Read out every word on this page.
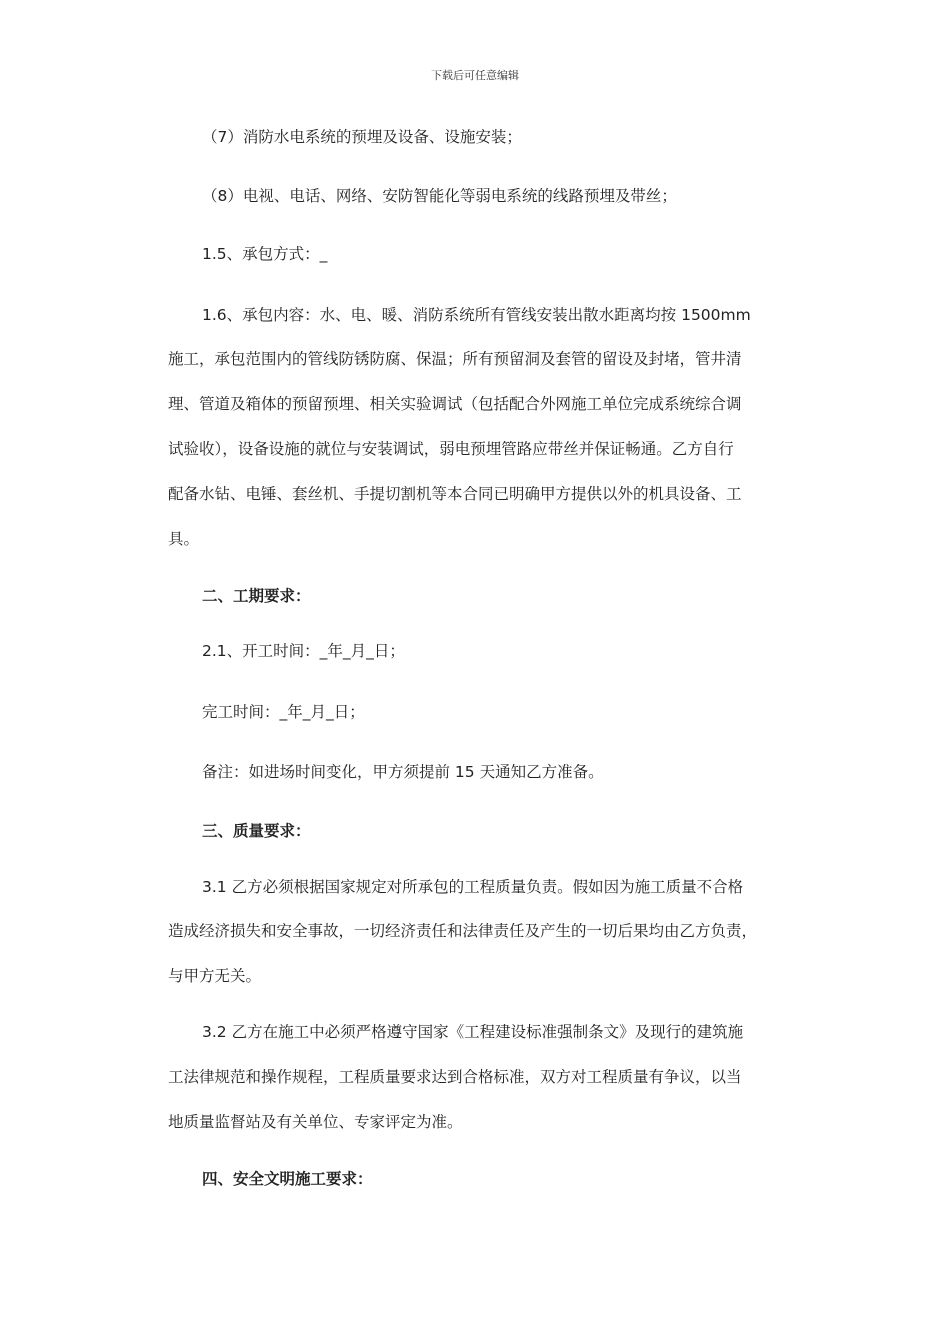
下载后可任意编辑
（7）消防水电系统的预埋及设备、设施安装；
（8）电视、电话、网络、安防智能化等弱电系统的线路预埋及带丝；
1.5、承包方式：_
1.6、承包内容：水、电、暖、消防系统所有管线安装出散水距离均按 1500mm
施工，承包范围内的管线防锈防腐、保温；所有预留洞及套管的留设及封堵，管井清
理、管道及箱体的预留预埋、相关实验调试（包括配合外网施工单位完成系统综合调
试验收），设备设施的就位与安装调试，弱电预埋管路应带丝并保证畅通。乙方自行
配备水钻、电锤、套丝机、手提切割机等本合同已明确甲方提供以外的机具设备、工
具。
二、工期要求：
2.1、开工时间：_年_月_日；
完工时间：_年_月_日；
备注：如进场时间变化，甲方须提前 15 天通知乙方准备。
三、质量要求：
3.1 乙方必须根据国家规定对所承包的工程质量负责。假如因为施工质量不合格
造成经济损失和安全事故，一切经济责任和法律责任及产生的一切后果均由乙方负责，
与甲方无关。
3.2 乙方在施工中必须严格遵守国家《工程建设标准强制条文》及现行的建筑施
工法律规范和操作规程，工程质量要求达到合格标准，双方对工程质量有争议，以当
地质量监督站及有关单位、专家评定为准。
四、安全文明施工要求：
